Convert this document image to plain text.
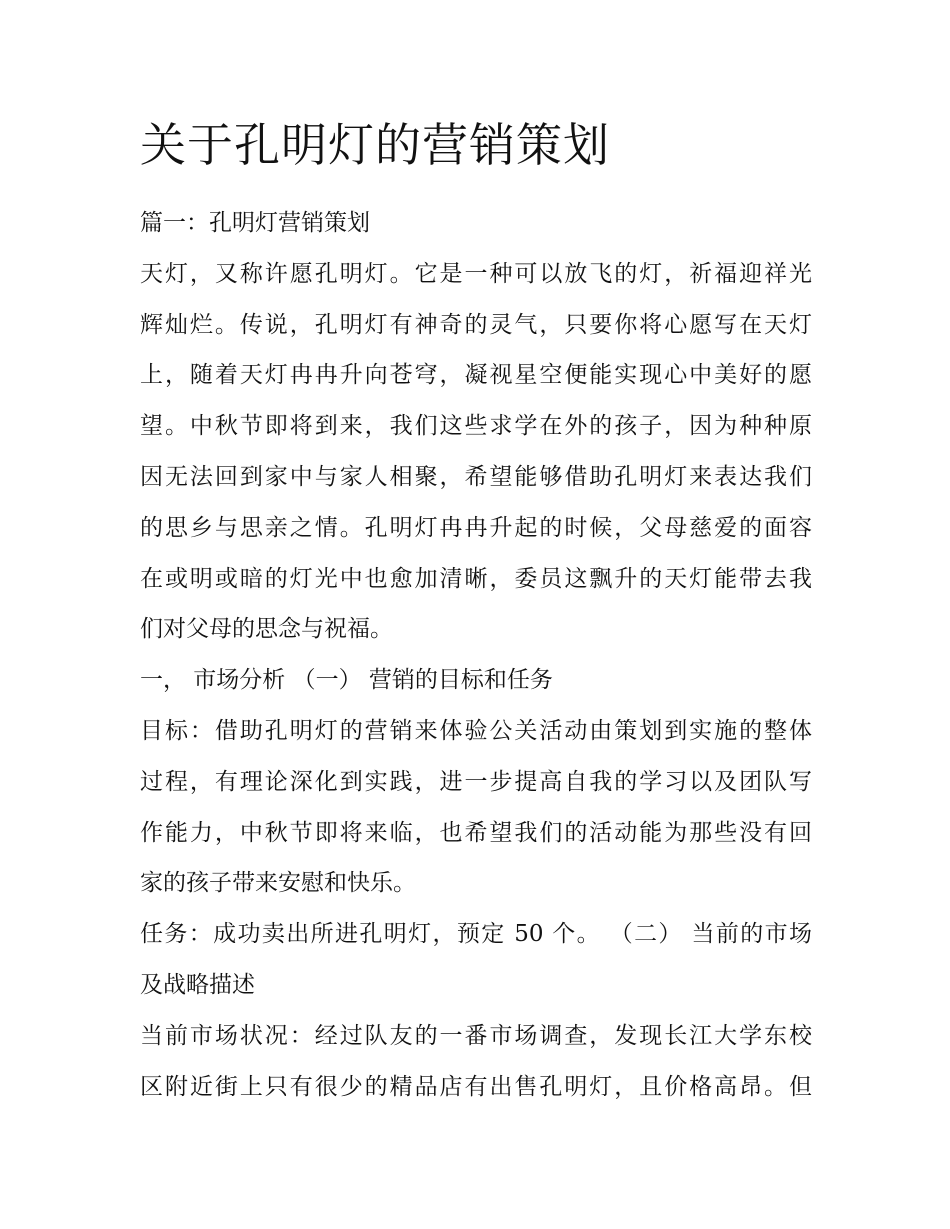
关于孔明灯的营销策划

篇一：孔明灯营销策划

天灯，又称许愿孔明灯。它是一种可以放飞的灯，祈福迎祥光

辉灿烂。传说，孔明灯有神奇的灵气，只要你将心愿写在天灯

上，随着天灯冉冉升向苍穹，凝视星空便能实现心中美好的愿

望。中秋节即将到来，我们这些求学在外的孩子，因为种种原

因无法回到家中与家人相聚，希望能够借助孔明灯来表达我们

的思乡与思亲之情。孔明灯冉冉升起的时候，父母慈爱的面容

在或明或暗的灯光中也愈加清晰，委员这飘升的天灯能带去我

们对父母的思念与祝福。

一， 市场分析 （一） 营销的目标和任务

目标：借助孔明灯的营销来体验公关活动由策划到实施的整体

过程，有理论深化到实践，进一步提高自我的学习以及团队写

作能力，中秋节即将来临，也希望我们的活动能为那些没有回

家的孩子带来安慰和快乐。

任务：成功卖出所进孔明灯，预定 50 个。 （二） 当前的市场

及战略描述

当前市场状况：经过队友的一番市场调查，发现长江大学东校

区附近街上只有很少的精品店有出售孔明灯，且价格高昂。但
